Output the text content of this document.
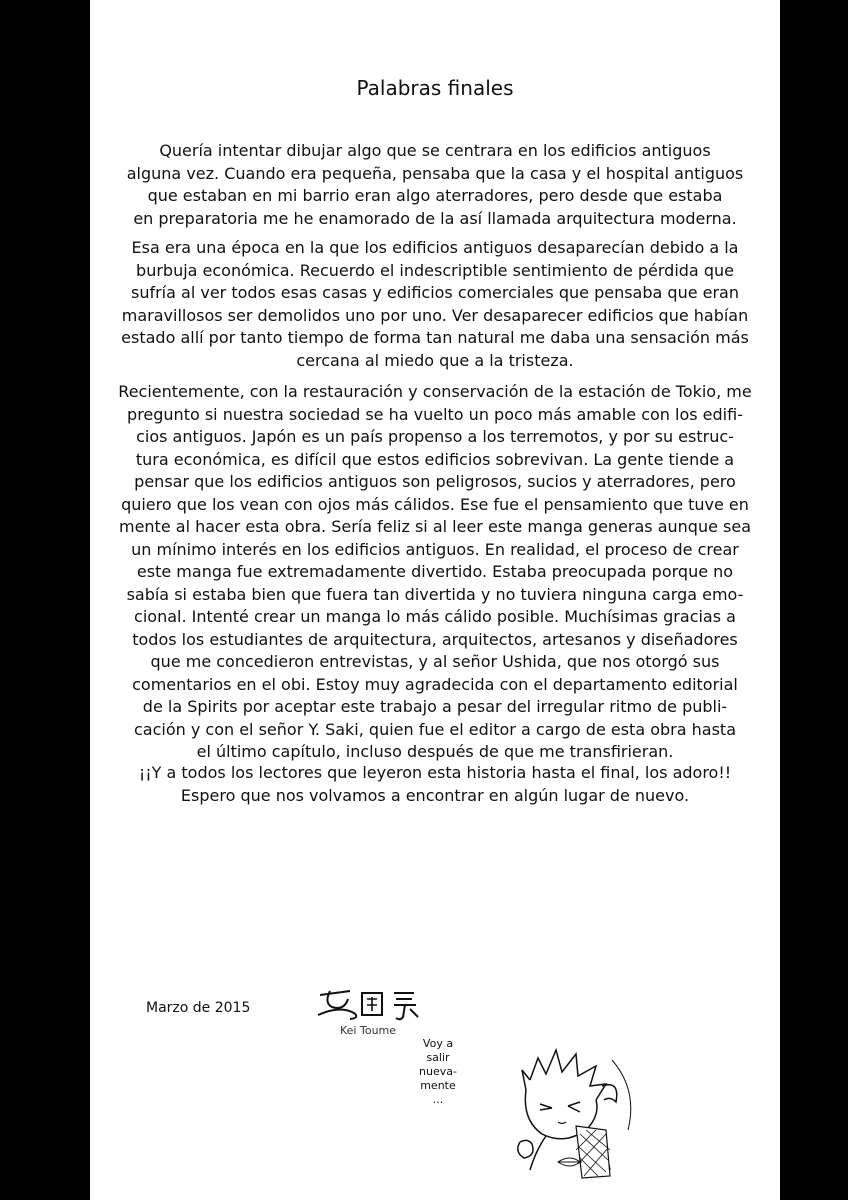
Palabras finales

Quería intentar dibujar algo que se centrara en los edificios antiguos
alguna vez. Cuando era pequeña, pensaba que la casa y el hospital antiguos
que estaban en mi barrio eran algo aterradores, pero desde que estaba
en preparatoria me he enamorado de la así llamada arquitectura moderna.

Esa era una época en la que los edificios antiguos desaparecían debido a la
burbuja económica. Recuerdo el indescriptible sentimiento de pérdida que
sufría al ver todos esas casas y edificios comerciales que pensaba que eran
maravillosos ser demolidos uno por uno. Ver desaparecer edificios que habían
estado allí por tanto tiempo de forma tan natural me daba una sensación más
cercana al miedo que a la tristeza.

Recientemente, con la restauración y conservación de la estación de Tokio, me
pregunto si nuestra sociedad se ha vuelto un poco más amable con los edifi-
cios antiguos. Japón es un país propenso a los terremotos, y por su estruc-
tura económica, es difícil que estos edificios sobrevivan. La gente tiende a
pensar que los edificios antiguos son peligrosos, sucios y aterradores, pero
quiero que los vean con ojos más cálidos. Ese fue el pensamiento que tuve en
mente al hacer esta obra. Sería feliz si al leer este manga generas aunque sea
un mínimo interés en los edificios antiguos. En realidad, el proceso de crear
este manga fue extremadamente divertido. Estaba preocupada porque no
sabía si estaba bien que fuera tan divertida y no tuviera ninguna carga emo-
cional. Intenté crear un manga lo más cálido posible. Muchísimas gracias a
todos los estudiantes de arquitectura, arquitectos, artesanos y diseñadores
que me concedieron entrevistas, y al señor Ushida, que nos otorgó sus
comentarios en el obi. Estoy muy agradecida con el departamento editorial
de la Spirits por aceptar este trabajo a pesar del irregular ritmo de publi-
cación y con el señor Y. Saki, quien fue el editor a cargo de esta obra hasta
el último capítulo, incluso después de que me transfirieran.

¡¡Y a todos los lectores que leyeron esta historia hasta el final, los adoro!!
Espero que nos volvamos a encontrar en algún lugar de nuevo.

Marzo de 2015
Kei Toume
Voy a
salir
nueva-
mente
...
